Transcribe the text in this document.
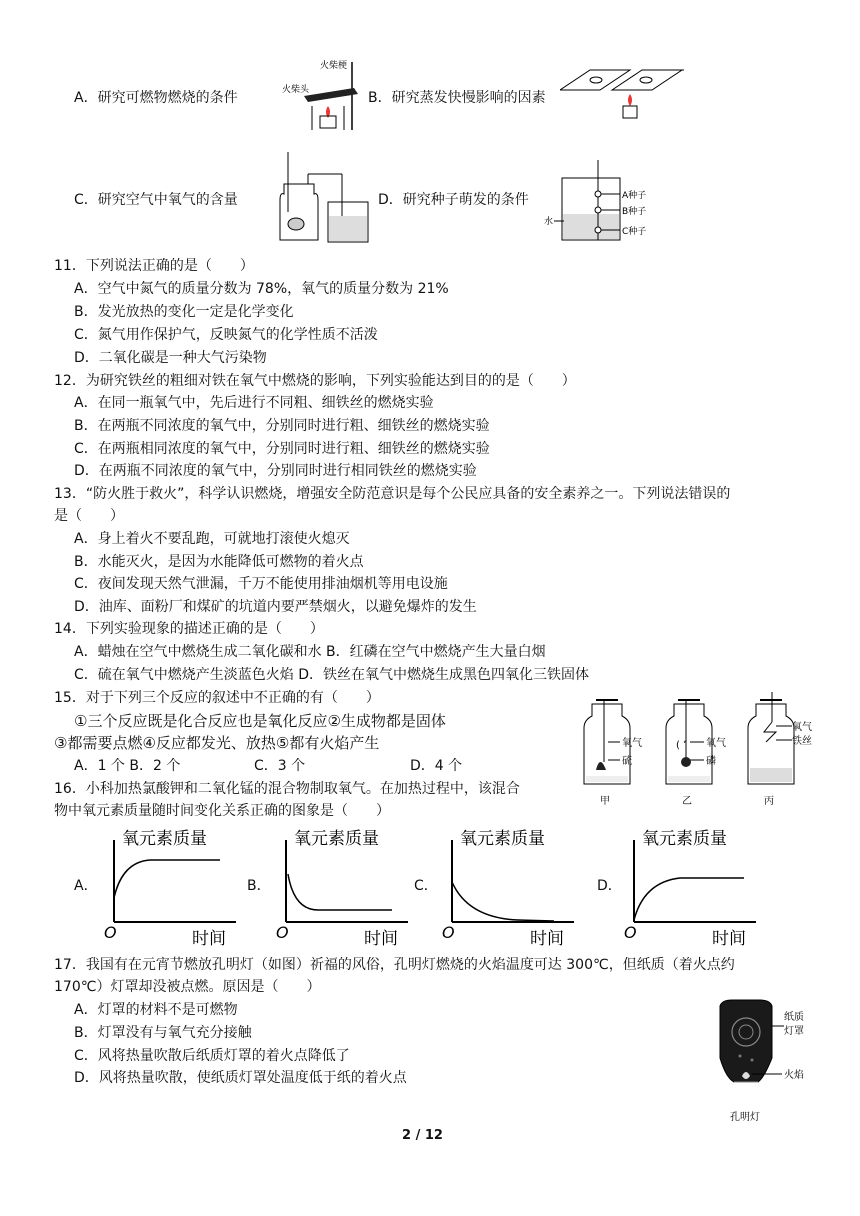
A．研究可燃物燃烧的条件
火柴梗
火柴头	B．研究蒸发快慢影响的因素
C．研究空气中氧气的含量	D．研究种子萌发的条件	A种子
B种子
C种子
水
11．下列说法正确的是（　　）
A．空气中氮气的质量分数为 78%，氧气的质量分数为 21%
B．发光放热的变化一定是化学变化
C．氮气用作保护气，反映氮气的化学性质不活泼
D．二氧化碳是一种大气污染物
12．为研究铁丝的粗细对铁在氧气中燃烧的影响，下列实验能达到目的的是（　　）
A．在同一瓶氧气中，先后进行不同粗、细铁丝的燃烧实验
B．在两瓶不同浓度的氧气中，分别同时进行粗、细铁丝的燃烧实验
C．在两瓶相同浓度的氧气中，分别同时进行粗、细铁丝的燃烧实验
D．在两瓶不同浓度的氧气中，分别同时进行相同铁丝的燃烧实验
13．“防火胜于救火”，科学认识燃烧，增强安全防范意识是每个公民应具备的安全素养之一。下列说法错误的
是（　　）
A．身上着火不要乱跑，可就地打滚使火熄灭
B．水能灭火，是因为水能降低可燃物的着火点
C．夜间发现天然气泄漏，千万不能使用排油烟机等用电设施
D．油库、面粉厂和煤矿的坑道内要严禁烟火，以避免爆炸的发生
14．下列实验现象的描述正确的是（　　）
A．蜡烛在空气中燃烧生成二氧化碳和水 B．红磷在空气中燃烧产生大量白烟
C．硫在氧气中燃烧产生淡蓝色火焰 D．铁丝在氧气中燃烧生成黑色四氧化三铁固体
15．对于下列三个反应的叙述中不正确的有（　　）
①三个反应既是化合反应也是氧化反应②生成物都是固体
③都需要点燃④反应都发光、放热⑤都有火焰产生
A．1 个 B．2 个	C．3 个	D．4 个
氧气
硫
甲
( ʼ 氧气
磷
乙
氧气
铁丝
丙
16．小科加热氯酸钾和二氧化锰的混合物制取氧气。在加热过程中，该混合
物中氧元素质量随时间变化关系正确的图象是（　　）
A．
氧元素质量
O	时间
B．
氧元素质量
O	时间
C．
氧元素质量
O	时间
D．
氧元素质量
O	时间
17．我国有在元宵节燃放孔明灯（如图）祈福的风俗，孔明灯燃烧的火焰温度可达 300℃，但纸质（着火点约
170℃）灯罩却没被点燃。原因是（　　）
A．灯罩的材料不是可燃物
B．灯罩没有与氧气充分接触
C．风将热量吹散后纸质灯罩的着火点降低了
D．风将热量吹散，使纸质灯罩处温度低于纸的着火点
纸质
灯罩
火焰
孔明灯
2 / 12
